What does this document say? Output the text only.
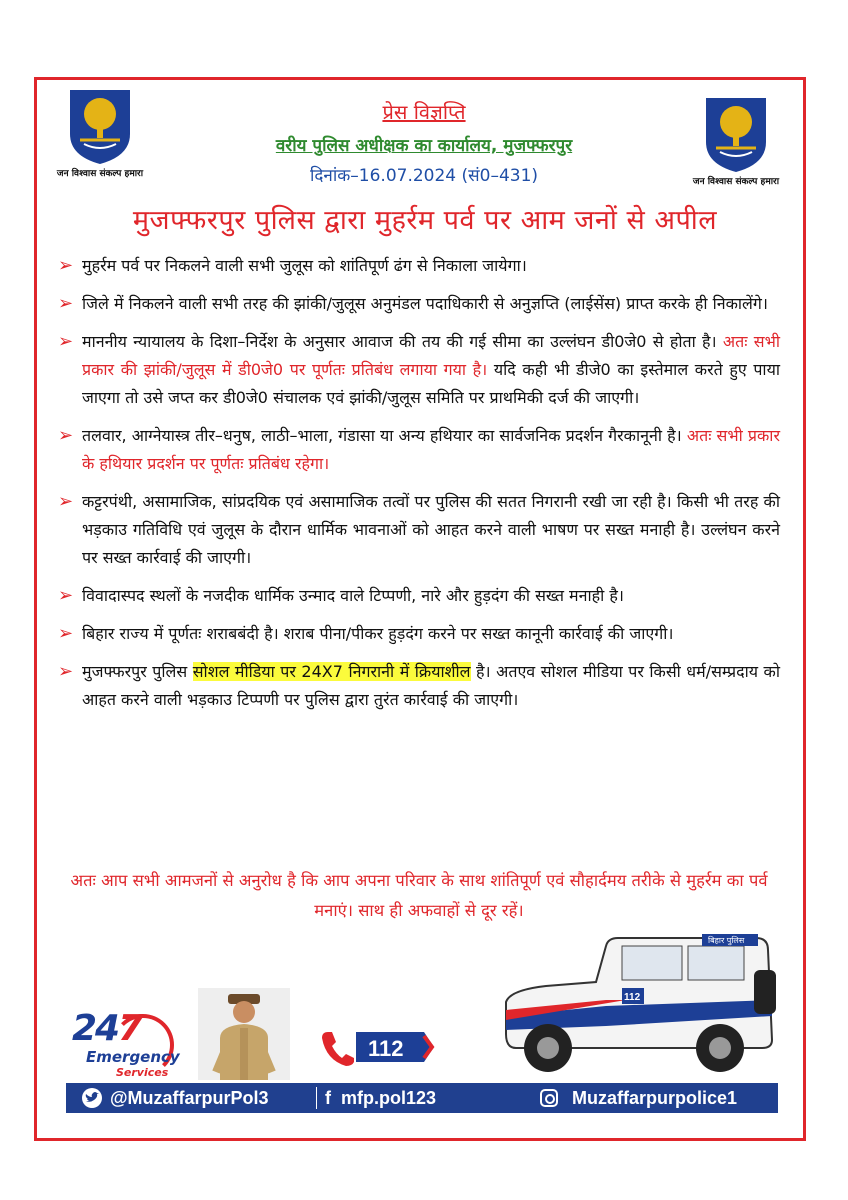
जन विश्वास संकल्प हमारा
जन विश्वास संकल्प हमारा
प्रेस विज्ञप्ति
वरीय पुलिस अधीक्षक का कार्यालय, मुजफ्फरपुर
दिनांक–16.07.2024 (सं0–431)
मुजफ्फरपुर पुलिस द्वारा मुहर्रम पर्व पर आम जनों से अपील
➢ मुहर्रम पर्व पर निकलने वाली सभी जुलूस को शांतिपूर्ण ढंग से निकाला जायेगा।
➢ जिले में निकलने वाली सभी तरह की झांकी/जुलूस अनुमंडल पदाधिकारी से अनुज्ञप्ति (लाईसेंस) प्राप्त करके ही निकालेंगे।
➢ माननीय न्यायालय के दिशा–निर्देश के अनुसार आवाज की तय की गई सीमा का उल्लंघन डी0जे0 से होता है। अतः सभी प्रकार की झांकी/जुलूस में डी0जे0 पर पूर्णतः प्रतिबंध लगाया गया है। यदि कही भी डीजे0 का इस्तेमाल करते हुए पाया जाएगा तो उसे जप्त कर डी0जे0 संचालक एवं झांकी/जुलूस समिति पर प्राथमिकी दर्ज की जाएगी।
➢ तलवार, आग्नेयास्त्र तीर–धनुष, लाठी–भाला, गंडासा या अन्य हथियार का सार्वजनिक प्रदर्शन गैरकानूनी है। अतः सभी प्रकार के हथियार प्रदर्शन पर पूर्णतः प्रतिबंध रहेगा।
➢ कट्टरपंथी, असामाजिक, सांप्रदयिक एवं असामाजिक तत्वों पर पुलिस की सतत निगरानी रखी जा रही है। किसी भी तरह की भड़काउ गतिविधि एवं जुलूस के दौरान धार्मिक भावनाओं को आहत करने वाली भाषण पर सख्त मनाही है। उल्लंघन करने पर सख्त कार्रवाई की जाएगी।
➢ विवादास्पद स्थलों के नजदीक धार्मिक उन्माद वाले टिप्पणी, नारे और हुड़दंग की सख्त मनाही है।
➢ बिहार राज्य में पूर्णतः शराबबंदी है। शराब पीना/पीकर हुड़दंग करने पर सख्त कानूनी कार्रवाई की जाएगी।
➢ मुजफ्फरपुर पुलिस सोशल मीडिया पर 24X7 निगरानी में क्रियाशील है। अतएव सोशल मीडिया पर किसी धर्म/सम्प्रदाय को आहत करने वाली भड़काउ टिप्पणी पर पुलिस द्वारा तुरंत कार्रवाई की जाएगी।
अतः आप सभी आमजनों से अनुरोध है कि आप अपना परिवार के साथ शांतिपूर्ण एवं सौहार्दमय तरीके से मुहर्रम का पर्व मनाएं। साथ ही अफवाहों से दूर रहें।
247
Emergency
Services
112
बिहार पुलिस
112
@MuzaffarpurPol3	f mfp.pol123	Muzaffarpurpolice1
